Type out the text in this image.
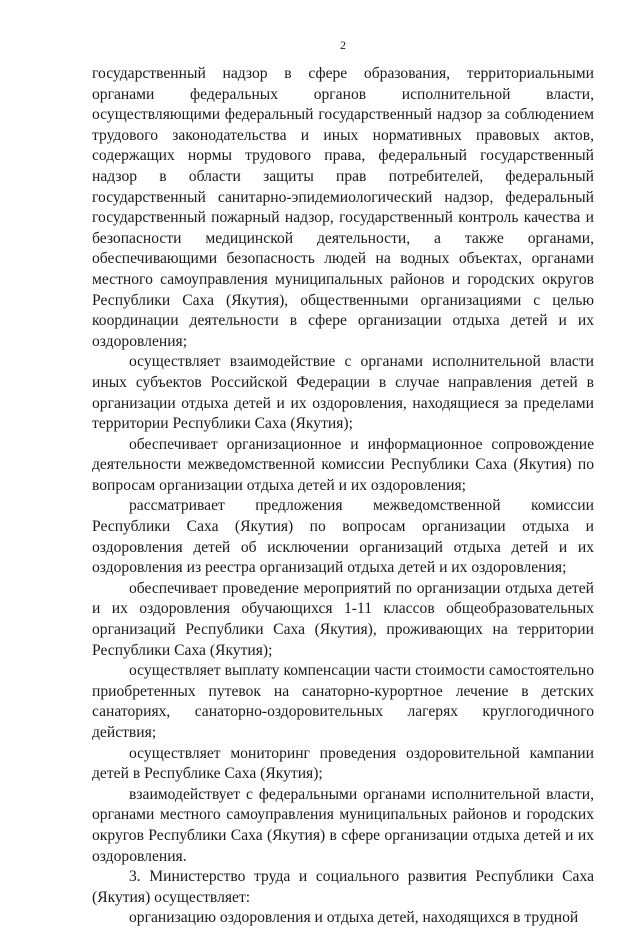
2

государственный надзор в сфере образования, территориальными органами федеральных органов исполнительной власти, осуществляющими федеральный государственный надзор за соблюдением трудового законодательства и иных нормативных правовых актов, содержащих нормы трудового права, федеральный государственный надзор в области защиты прав потребителей, федеральный государственный санитарно-эпидемиологический надзор, федеральный государственный пожарный надзор, государственный контроль качества и безопасности медицинской деятельности, а также органами, обеспечивающими безопасность людей на водных объектах, органами местного самоуправления муниципальных районов и городских округов Республики Саха (Якутия), общественными организациями с целью координации деятельности в сфере организации отдыха детей и их оздоровления;

осуществляет взаимодействие с органами исполнительной власти иных субъектов Российской Федерации в случае направления детей в организации отдыха детей и их оздоровления, находящиеся за пределами территории Республики Саха (Якутия);

обеспечивает организационное и информационное сопровождение деятельности межведомственной комиссии Республики Саха (Якутия) по вопросам организации отдыха детей и их оздоровления;

рассматривает предложения межведомственной комиссии Республики Саха (Якутия) по вопросам организации отдыха и оздоровления детей об исключении организаций отдыха детей и их оздоровления из реестра организаций отдыха детей и их оздоровления;

обеспечивает проведение мероприятий по организации отдыха детей и их оздоровления обучающихся 1-11 классов общеобразовательных организаций Республики Саха (Якутия), проживающих на территории Республики Саха (Якутия);

осуществляет выплату компенсации части стоимости самостоятельно приобретенных путевок на санаторно-курортное лечение в детских санаториях, санаторно-оздоровительных лагерях круглогодичного действия;

осуществляет мониторинг проведения оздоровительной кампании детей в Республике Саха (Якутия);

взаимодействует с федеральными органами исполнительной власти, органами местного самоуправления муниципальных районов и городских округов Республики Саха (Якутия) в сфере организации отдыха детей и их оздоровления.

3. Министерство труда и социального развития Республики Саха (Якутия) осуществляет:

организацию оздоровления и отдыха детей, находящихся в трудной
